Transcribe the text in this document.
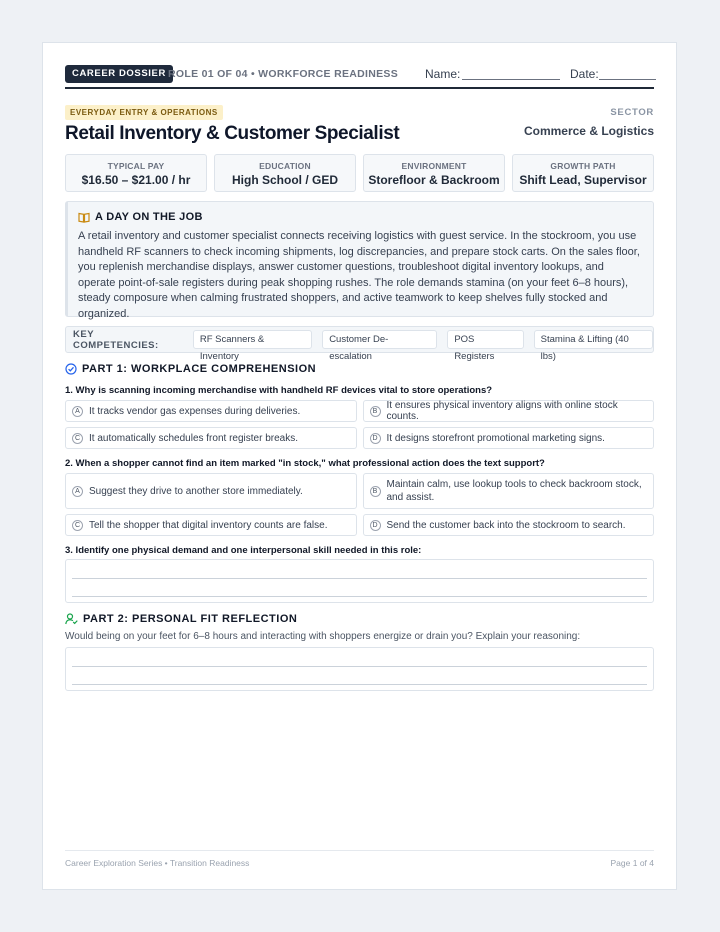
CAREER DOSSIER ROLE 01 OF 04 • WORKFORCE READINESS Name:	Date:
EVERYDAY ENTRY & OPERATIONS
Retail Inventory & Customer Specialist
SECTOR
Commerce & Logistics
TYPICAL PAY
$16.50 – $21.00 / hr
EDUCATION
High School / GED
ENVIRONMENT
Storefloor & Backroom
GROWTH PATH
Shift Lead, Supervisor
A DAY ON THE JOB
A retail inventory and customer specialist connects receiving logistics with guest service. In the stockroom, you use handheld RF scanners to check incoming shipments, log discrepancies, and prepare stock carts. On the sales floor, you replenish merchandise displays, answer customer questions, troubleshoot digital inventory lookups, and operate point-of-sale registers during peak shopping rushes. The role demands stamina (on your feet 6–8 hours), steady composure when calming frustrated shoppers, and active teamwork to keep shelves fully stocked and organized.
KEY COMPETENCIES:	RF Scanners & Inventory
Customer De-escalation
POS Registers
Stamina & Lifting (40 lbs)
PART 1: WORKPLACE COMPREHENSION
1. Why is scanning incoming merchandise with handheld RF devices vital to store operations?
A It tracks vendor gas expenses during deliveries.	B It ensures physical inventory aligns with online stock counts.
C It automatically schedules front register breaks.	D It designs storefront promotional marketing signs.
2. When a shopper cannot find an item marked "in stock," what professional action does the text support?
A Suggest they drive to another store immediately.	B
Maintain calm, use lookup tools to check backroom stock, and assist.
C Tell the shopper that digital inventory counts are false.	D Send the customer back into the stockroom to search.
3. Identify one physical demand and one interpersonal skill needed in this role:
PART 2: PERSONAL FIT REFLECTION
Would being on your feet for 6–8 hours and interacting with shoppers energize or drain you? Explain your reasoning:
Career Exploration Series • Transition Readiness	Page 1 of 4
